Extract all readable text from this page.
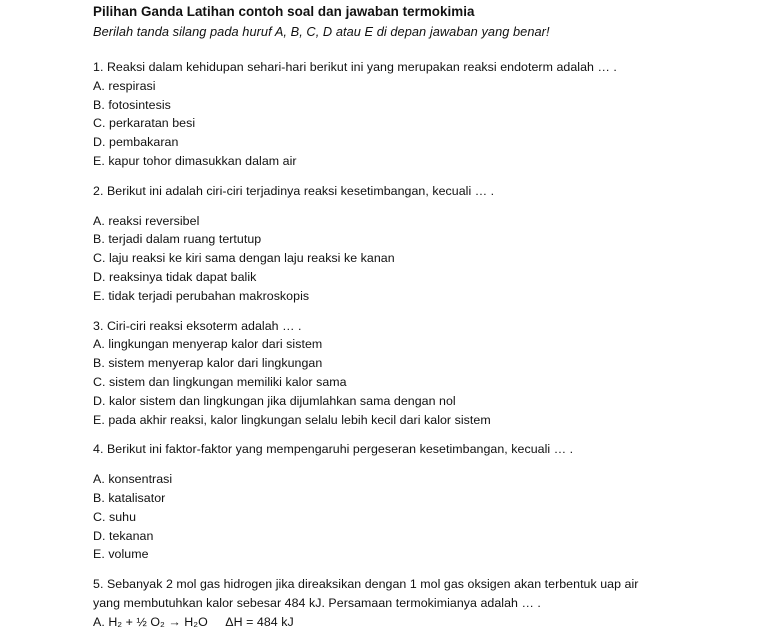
Pilihan Ganda Latihan contoh soal dan jawaban termokimia

Berilah tanda silang pada huruf A, B, C, D atau E di depan jawaban yang benar!

1. Reaksi dalam kehidupan sehari-hari berikut ini yang merupakan reaksi endoterm adalah … .

A. respirasi

B. fotosintesis

C. perkaratan besi

D. pembakaran

E. kapur tohor dimasukkan dalam air

2. Berikut ini adalah ciri-ciri terjadinya reaksi kesetimbangan, kecuali … .

A. reaksi reversibel

B. terjadi dalam ruang tertutup

C. laju reaksi ke kiri sama dengan laju reaksi ke kanan

D. reaksinya tidak dapat balik

E. tidak terjadi perubahan makroskopis

3. Ciri-ciri reaksi eksoterm adalah … .

A. lingkungan menyerap kalor dari sistem

B. sistem menyerap kalor dari lingkungan

C. sistem dan lingkungan memiliki kalor sama

D. kalor sistem dan lingkungan jika dijumlahkan sama dengan nol

E. pada akhir reaksi, kalor lingkungan selalu lebih kecil dari kalor sistem

4. Berikut ini faktor-faktor yang mempengaruhi pergeseran kesetimbangan, kecuali … .

A. konsentrasi

B. katalisator

C. suhu

D. tekanan

E. volume

5. Sebanyak 2 mol gas hidrogen jika direaksikan dengan 1 mol gas oksigen akan terbentuk uap air

yang membutuhkan kalor sebesar 484 kJ. Persamaan termokimianya adalah … .

A. H₂ + ½ O₂ → H₂O     ΔH = 484 kJ
